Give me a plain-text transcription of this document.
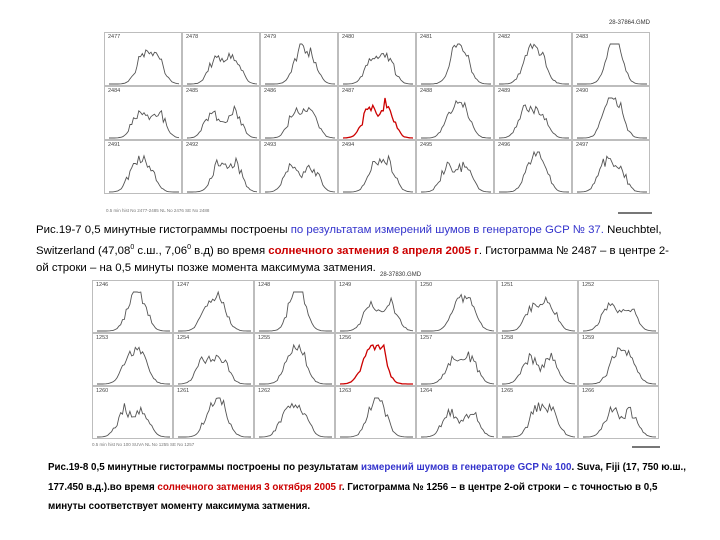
28-37864.GMD
2477	2478	2479	2480	2481	2482	2483
2484	2485	2486	2487	2488	2489	2490
2491	2492	2493	2494	2495	2496	2497
0.5 min hist No 2477-2485 NL No 2476 SE No 2488
28-37830.GMD
1246	1247	1248	1249	1250	1251	1252
1253	1254	1255	1256	1257	1258	1259
1260	1261	1262	1263	1264	1265	1266
0.5 min hist No 100 SUVA NL No 1255 SE No 1257
Рис.19-7 0,5 минутные гистограммы построены по результатам измерений шумов в генераторе GCP № 37. Neuchbtel, Switzerland (47,08$^0$ с.ш., 7,06$^0$ в.д) во время солнечного затмения 8 апреля 2005 г. Гистограмма № 2487 – в центре 2-ой строки – на 0,5 минуты позже момента максимума затмения.
Рис.19-8 0,5 минутные гистограммы построены по результатам измерений шумов в генераторе GCP № 100. Suva, Fiji (17, 750 ю.ш., 177.450 в.д.).во время солнечного затмения 3 октября 2005 г. Гистограмма № 1256 – в центре 2-ой строки – с точностью в 0,5 минуты соответствует моменту максимума затмения.
